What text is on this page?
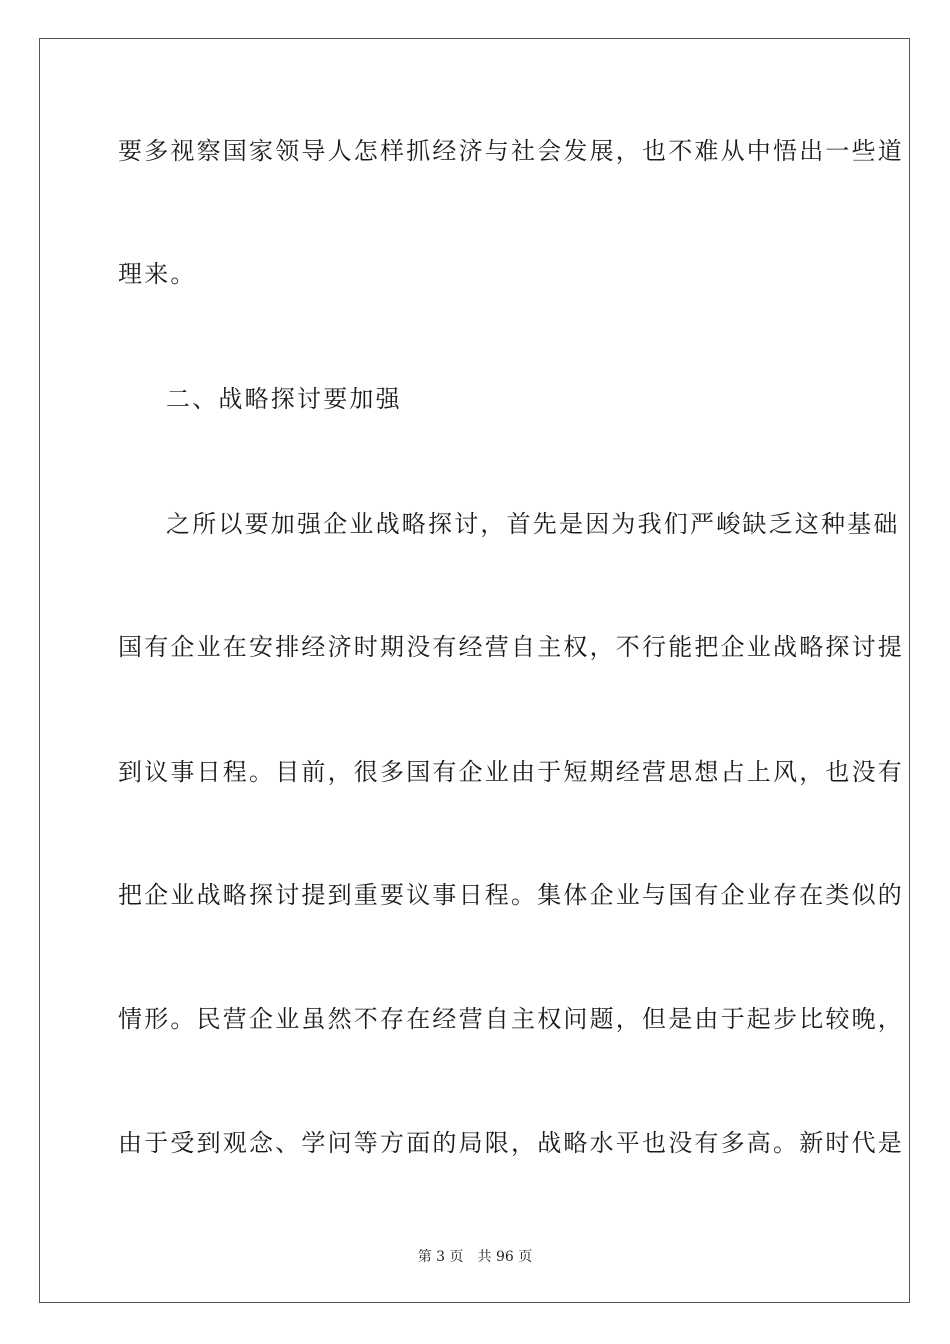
要多视察国家领导人怎样抓经济与社会发展，也不难从中悟出一些道
理来。
二、战略探讨要加强
之所以要加强企业战略探讨，首先是因为我们严峻缺乏这种基础
国有企业在安排经济时期没有经营自主权，不行能把企业战略探讨提
到议事日程。目前，很多国有企业由于短期经营思想占上风，也没有
把企业战略探讨提到重要议事日程。集体企业与国有企业存在类似的
情形。民营企业虽然不存在经营自主权问题，但是由于起步比较晚，
由于受到观念、学问等方面的局限，战略水平也没有多高。新时代是
第 3 页 共 96 页
